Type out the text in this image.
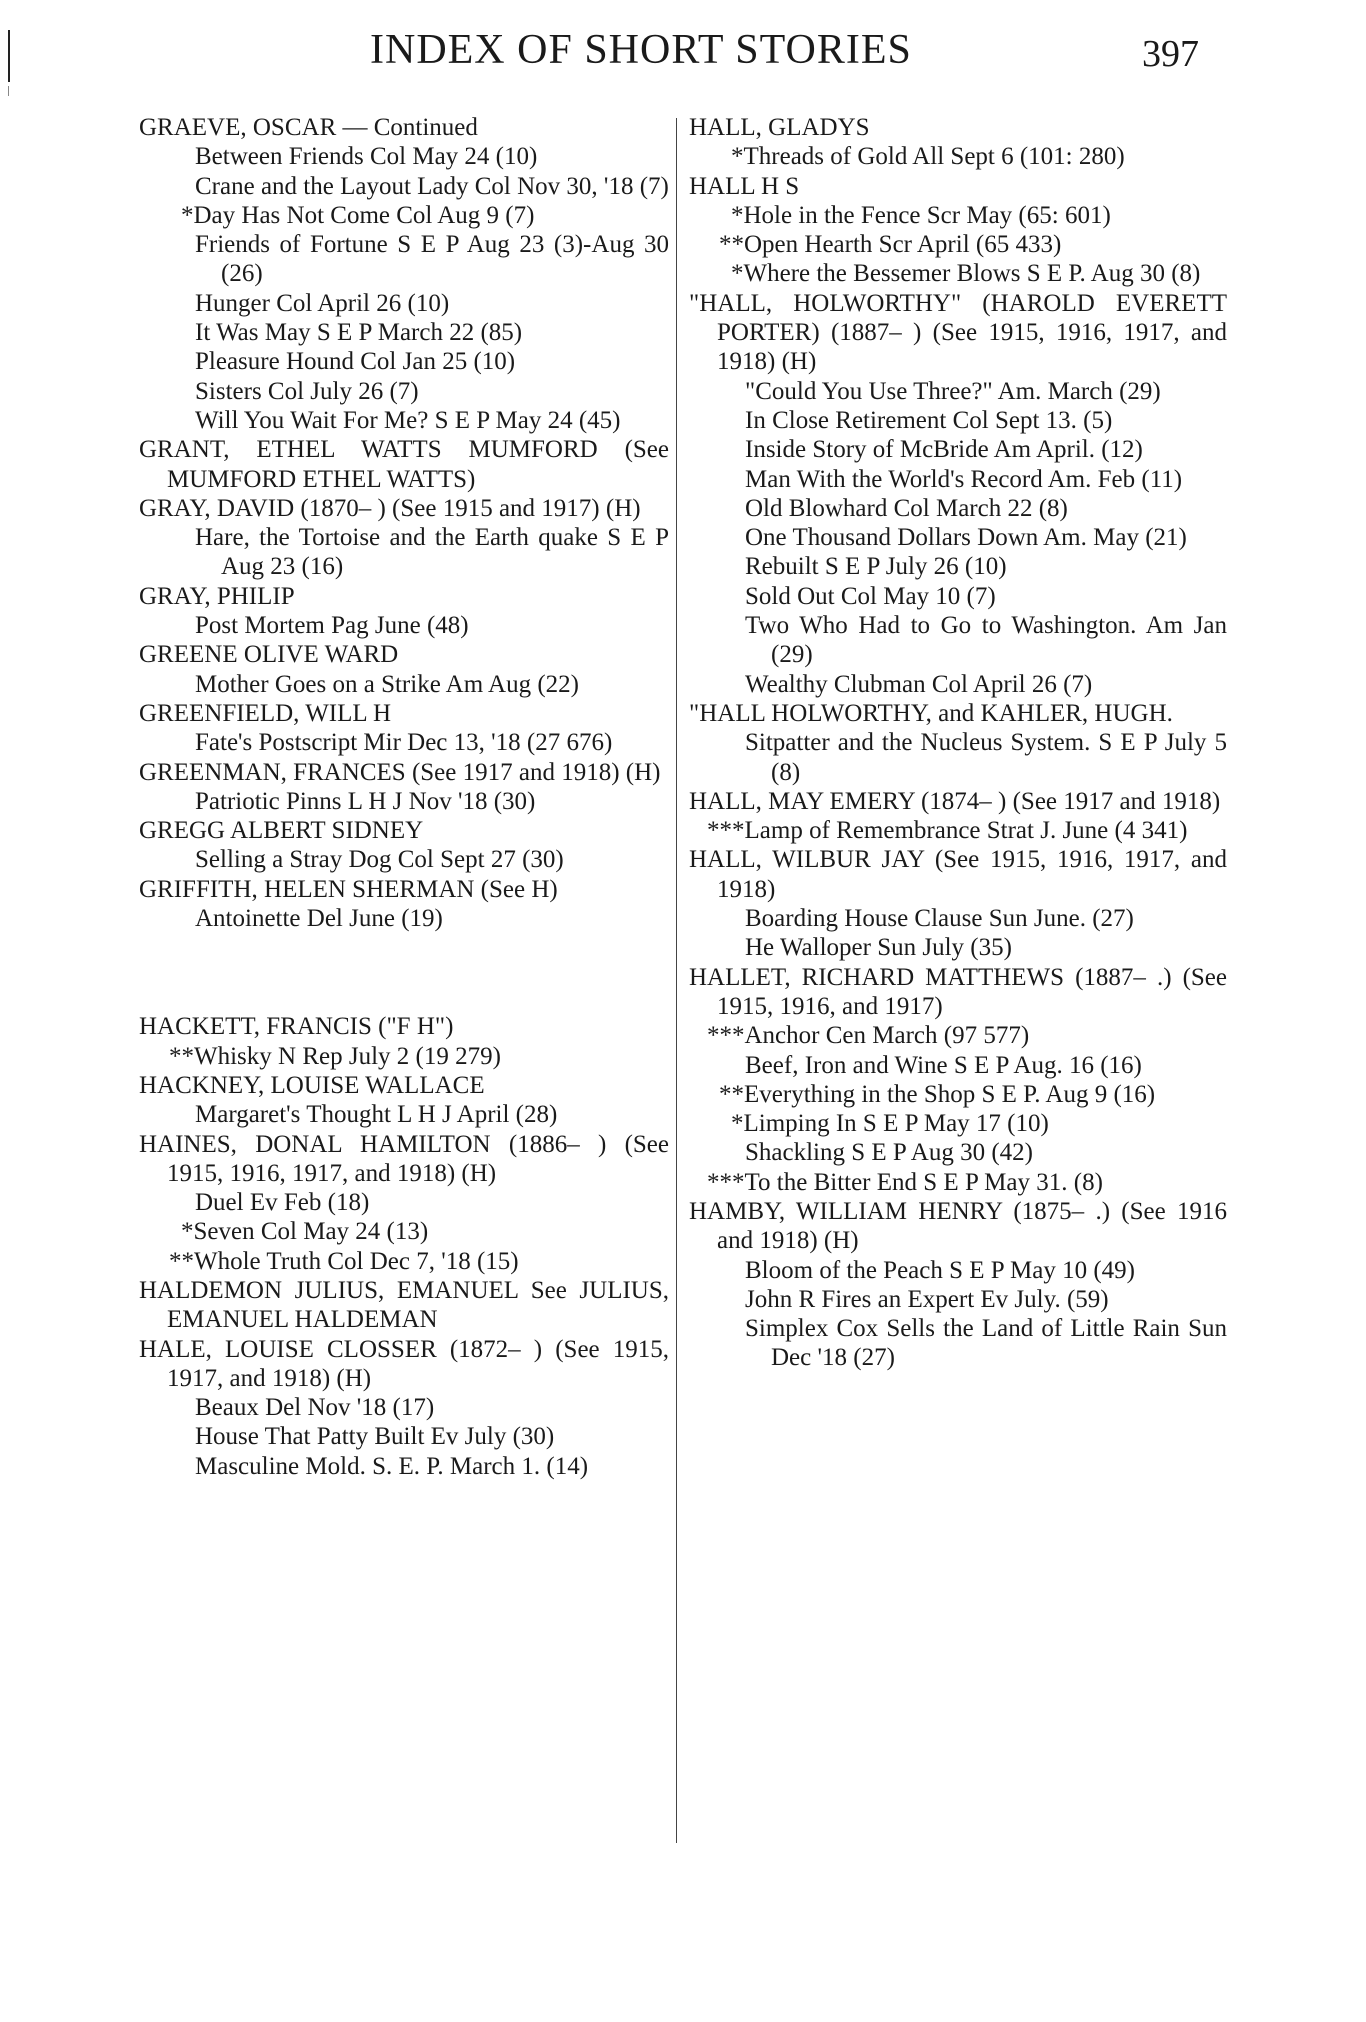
INDEX OF SHORT STORIES	397

GRAEVE, OSCAR — Continued

Between Friends Col May 24 (10)

Crane and the Layout Lady Col Nov 30, '18 (7)

*Day Has Not Come Col Aug 9 (7)

Friends of Fortune S E P Aug 23 (3)-Aug 30 (26)

Hunger Col April 26 (10)

It Was May S E P March 22 (85)

Pleasure Hound Col Jan 25 (10)

Sisters Col July 26 (7)

Will You Wait For Me? S E P May 24 (45)

GRANT, ETHEL WATTS MUMFORD (See MUMFORD ETHEL WATTS)

GRAY, DAVID (1870– ) (See 1915 and 1917) (H)

Hare, the Tortoise and the Earth quake S E P Aug 23 (16)

GRAY, PHILIP

Post Mortem Pag June (48)

GREENE OLIVE WARD

Mother Goes on a Strike Am Aug (22)

GREENFIELD, WILL H

Fate's Postscript Mir Dec 13, '18 (27 676)

GREENMAN, FRANCES (See 1917 and 1918) (H)

Patriotic Pinns L H J Nov '18 (30)

GREGG ALBERT SIDNEY

Selling a Stray Dog Col Sept 27 (30)

GRIFFITH, HELEN SHERMAN (See H)

Antoinette Del June (19)

HACKETT, FRANCIS ("F H")

**Whisky N Rep July 2 (19 279)

HACKNEY, LOUISE WALLACE

Margaret's Thought L H J April (28)

HAINES, DONAL HAMILTON (1886– ) (See 1915, 1916, 1917, and 1918) (H)

Duel Ev Feb (18)

*Seven Col May 24 (13)

**Whole Truth Col Dec 7, '18 (15)

HALDEMON JULIUS, EMANUEL See JULIUS, EMANUEL HALDEMAN

HALE, LOUISE CLOSSER (1872– ) (See 1915, 1917, and 1918) (H)

Beaux Del Nov '18 (17)

House That Patty Built Ev July (30)

Masculine Mold. S. E. P. March 1. (14)

HALL, GLADYS

*Threads of Gold All Sept 6 (101: 280)

HALL H S

*Hole in the Fence Scr May (65: 601)

**Open Hearth Scr April (65 433)

*Where the Bessemer Blows S E P. Aug 30 (8)

"HALL, HOLWORTHY" (HAROLD EVERETT PORTER) (1887– ) (See 1915, 1916, 1917, and 1918) (H)

"Could You Use Three?" Am. March (29)

In Close Retirement Col Sept 13. (5)

Inside Story of McBride Am April. (12)

Man With the World's Record Am. Feb (11)

Old Blowhard Col March 22 (8)

One Thousand Dollars Down Am. May (21)

Rebuilt S E P July 26 (10)

Sold Out Col May 10 (7)

Two Who Had to Go to Washington. Am Jan (29)

Wealthy Clubman Col April 26 (7)

"HALL HOLWORTHY, and KAHLER, HUGH.

Sitpatter and the Nucleus System. S E P July 5 (8)

HALL, MAY EMERY (1874– ) (See 1917 and 1918)

***Lamp of Remembrance Strat J. June (4 341)

HALL, WILBUR JAY (See 1915, 1916, 1917, and 1918)

Boarding House Clause Sun June. (27)

He Walloper Sun July (35)

HALLET, RICHARD MATTHEWS (1887– .) (See 1915, 1916, and 1917)

***Anchor Cen March (97 577)

Beef, Iron and Wine S E P Aug. 16 (16)

**Everything in the Shop S E P. Aug 9 (16)

*Limping In S E P May 17 (10)

Shackling S E P Aug 30 (42)

***To the Bitter End S E P May 31. (8)

HAMBY, WILLIAM HENRY (1875– .) (See 1916 and 1918) (H)

Bloom of the Peach S E P May 10 (49)

John R Fires an Expert Ev July. (59)

Simplex Cox Sells the Land of Little Rain Sun Dec '18 (27)
